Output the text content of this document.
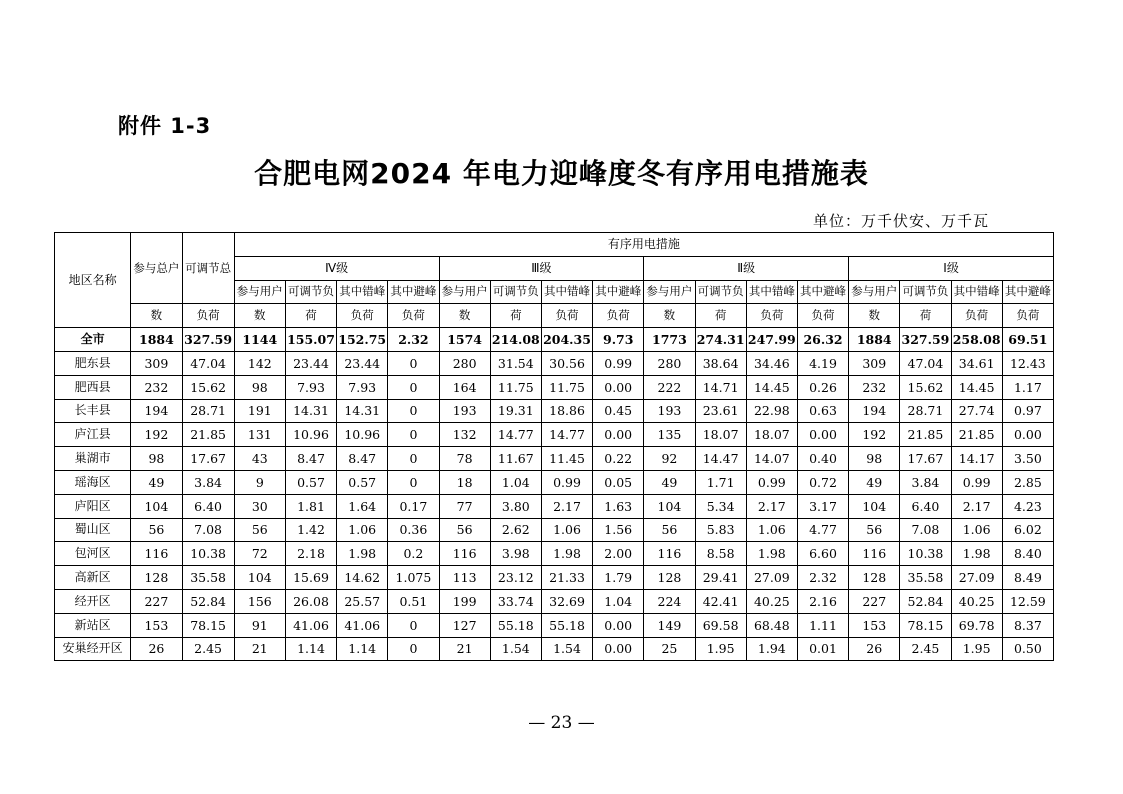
附件 1-3
合肥电网2024 年电力迎峰度冬有序用电措施表
单位：万千伏安、万千瓦
地区名称	参与总户	可调节总	有序用电措施															
			Ⅳ级				Ⅲ级				Ⅱ级				Ⅰ级			
			参与用户	可调节负	其中错峰	其中避峰	参与用户	可调节负	其中错峰	其中避峰	参与用户	可调节负	其中错峰	其中避峰	参与用户	可调节负	其中错峰	其中避峰
	数	负荷	数	荷	负荷	负荷	数	荷	负荷	负荷	数	荷	负荷	负荷	数	荷	负荷	负荷
全市	1884	327.59	1144	155.07	152.75	2.32	1574	214.08	204.35	9.73	1773	274.31	247.99	26.32	1884	327.59	258.08	69.51
肥东县	309	47.04	142	23.44	23.44	0	280	31.54	30.56	0.99	280	38.64	34.46	4.19	309	47.04	34.61	12.43
肥西县	232	15.62	98	7.93	7.93	0	164	11.75	11.75	0.00	222	14.71	14.45	0.26	232	15.62	14.45	1.17
长丰县	194	28.71	191	14.31	14.31	0	193	19.31	18.86	0.45	193	23.61	22.98	0.63	194	28.71	27.74	0.97
庐江县	192	21.85	131	10.96	10.96	0	132	14.77	14.77	0.00	135	18.07	18.07	0.00	192	21.85	21.85	0.00
巢湖市	98	17.67	43	8.47	8.47	0	78	11.67	11.45	0.22	92	14.47	14.07	0.40	98	17.67	14.17	3.50
瑶海区	49	3.84	9	0.57	0.57	0	18	1.04	0.99	0.05	49	1.71	0.99	0.72	49	3.84	0.99	2.85
庐阳区	104	6.40	30	1.81	1.64	0.17	77	3.80	2.17	1.63	104	5.34	2.17	3.17	104	6.40	2.17	4.23
蜀山区	56	7.08	56	1.42	1.06	0.36	56	2.62	1.06	1.56	56	5.83	1.06	4.77	56	7.08	1.06	6.02
包河区	116	10.38	72	2.18	1.98	0.2	116	3.98	1.98	2.00	116	8.58	1.98	6.60	116	10.38	1.98	8.40
高新区	128	35.58	104	15.69	14.62	1.075	113	23.12	21.33	1.79	128	29.41	27.09	2.32	128	35.58	27.09	8.49
经开区	227	52.84	156	26.08	25.57	0.51	199	33.74	32.69	1.04	224	42.41	40.25	2.16	227	52.84	40.25	12.59
新站区	153	78.15	91	41.06	41.06	0	127	55.18	55.18	0.00	149	69.58	68.48	1.11	153	78.15	69.78	8.37
安巢经开区	26	2.45	21	1.14	1.14	0	21	1.54	1.54	0.00	25	1.95	1.94	0.01	26	2.45	1.95	0.50
— 23 —
